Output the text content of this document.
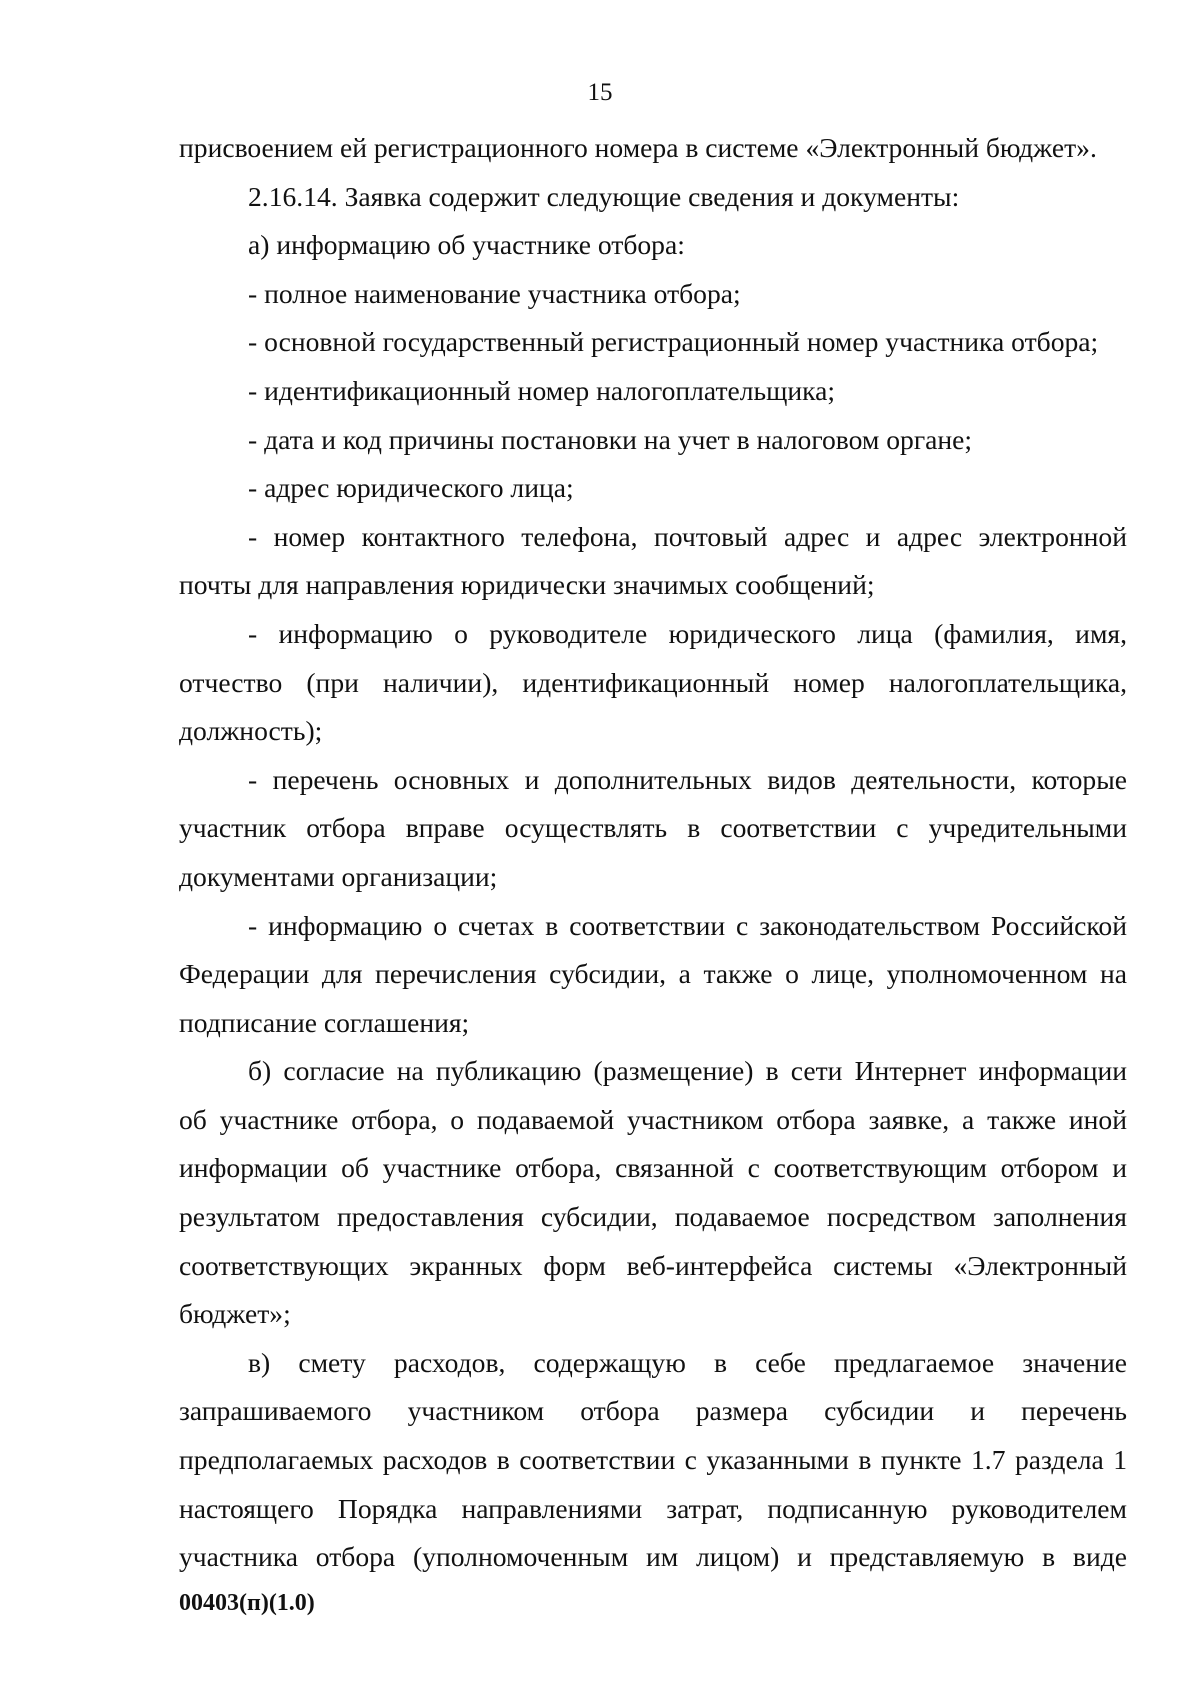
15
присвоением ей регистрационного номера в системе «Электронный бюджет».
2.16.14. Заявка содержит следующие сведения и документы:
а) информацию об участнике отбора:
- полное наименование участника отбора;
- основной государственный регистрационный номер участника отбора;
- идентификационный номер налогоплательщика;
- дата и код причины постановки на учет в налоговом органе;
- адрес юридического лица;
- номер контактного телефона, почтовый адрес и адрес электронной
почты для направления юридически значимых сообщений;
- информацию о руководителе юридического лица (фамилия, имя,
отчество (при наличии), идентификационный номер налогоплательщика,
должность);
- перечень основных и дополнительных видов деятельности, которые
участник отбора вправе осуществлять в соответствии с учредительными
документами организации;
- информацию о счетах в соответствии с законодательством Российской
Федерации для перечисления субсидии, а также о лице, уполномоченном на
подписание соглашения;
б) согласие на публикацию (размещение) в сети Интернет информации
об участнике отбора, о подаваемой участником отбора заявке, а также иной
информации об участнике отбора, связанной с соответствующим отбором и
результатом предоставления субсидии, подаваемое посредством заполнения
соответствующих экранных форм веб-интерфейса системы «Электронный
бюджет»;
в) смету расходов, содержащую в себе предлагаемое значение
запрашиваемого участником отбора размера субсидии и перечень
предполагаемых расходов в соответствии с указанными в пункте 1.7 раздела 1
настоящего Порядка направлениями затрат, подписанную руководителем
участника отбора (уполномоченным им лицом) и представляемую в виде
00403(п)(1.0)
